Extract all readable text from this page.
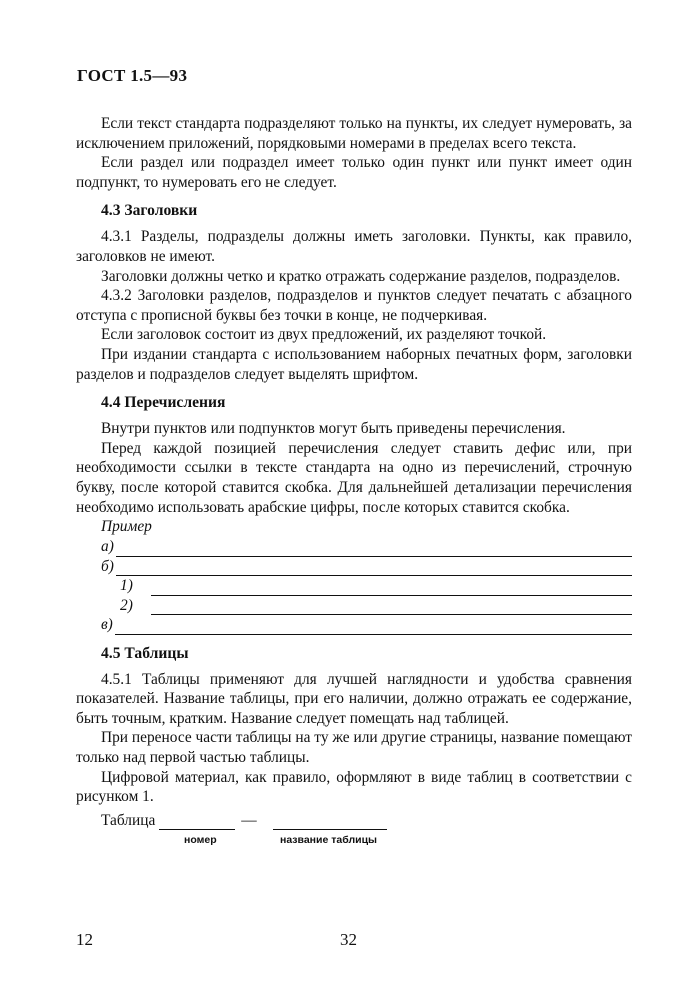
ГОСТ 1.5—93

Если текст стандарта подразделяют только на пункты, их следует нумеровать, за исключением приложений, порядковыми номерами в пределах всего текста.

Если раздел или подраздел имеет только один пункт или пункт имеет один подпункт, то нумеровать его не следует.

4.3 Заголовки

4.3.1 Разделы, подразделы должны иметь заголовки. Пункты, как правило, заголовков не имеют.

Заголовки должны четко и кратко отражать содержание разделов, подразделов.

4.3.2 Заголовки разделов, подразделов и пунктов следует печатать с абзацного отступа с прописной буквы без точки в конце, не подчеркивая.

Если заголовок состоит из двух предложений, их разделяют точкой.

При издании стандарта с использованием наборных печатных форм, заголовки разделов и подразделов следует выделять шрифтом.

4.4 Перечисления

Внутри пунктов или подпунктов могут быть приведены перечисления.

Перед каждой позицией перечисления следует ставить дефис или, при необходимости ссылки в тексте стандарта на одно из перечислений, строчную букву, после которой ставится скобка. Для дальнейшей детализации перечисления необходимо использовать арабские цифры, после которых ставится скобка.

Пример
а)
б)
1)
2)
в)
4.5 Таблицы

4.5.1 Таблицы применяют для лучшей наглядности и удобства сравнения показателей. Название таблицы, при его наличии, должно отражать ее содержание, быть точным, кратким. Название следует помещать над таблицей.

При переносе части таблицы на ту же или другие страницы, название помещают только над первой частью таблицы.

Цифровой материал, как правило, оформляют в виде таблиц в соответствии с рисунком 1.

Таблица	—
номер	название таблицы
12	32
